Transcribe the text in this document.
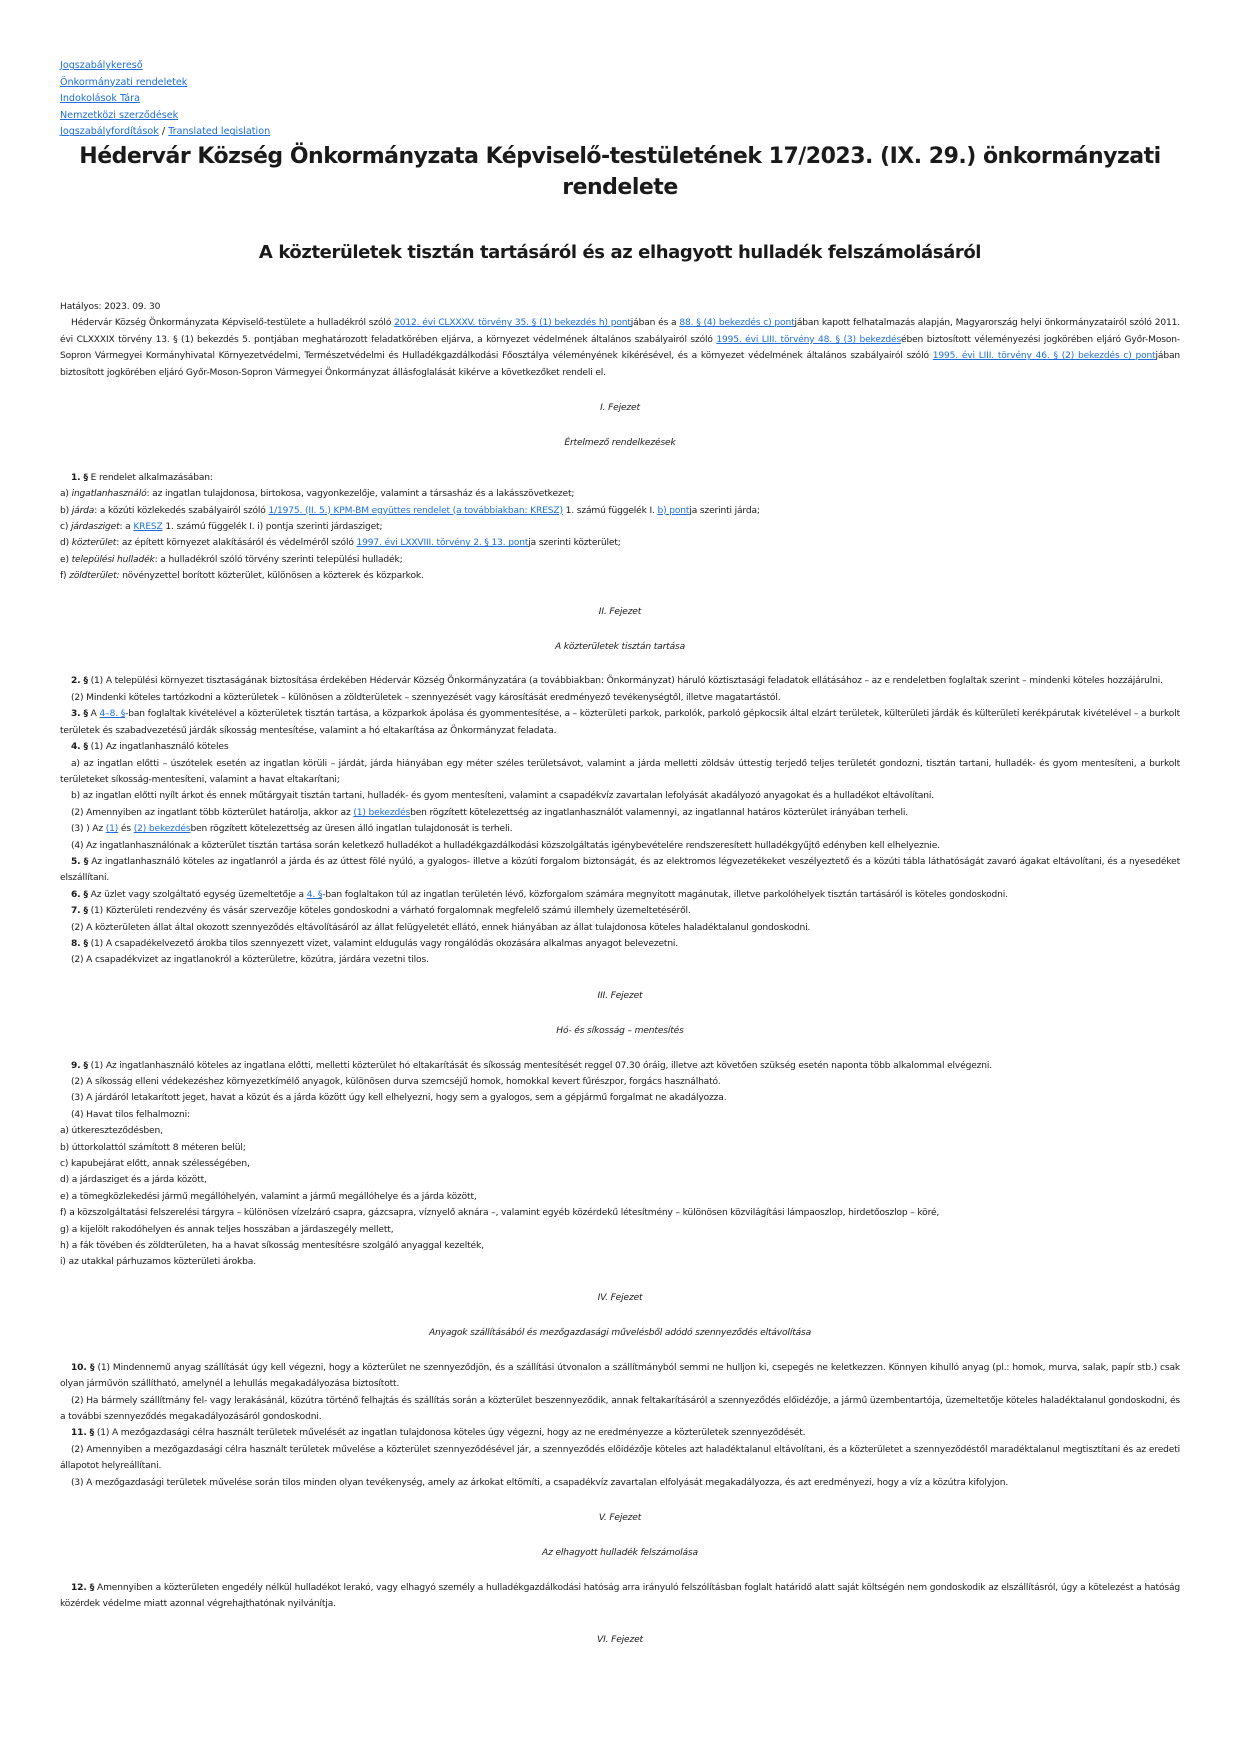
Jogszabálykereső
Önkormányzati rendeletek
Indokolások Tára
Nemzetközi szerződések
Jogszabályfordítások / Translated legislation
Hédervár Község Önkormányzata Képviselő-testületének 17/2023. (IX. 29.) önkormányzati rendelete
A közterületek tisztán tartásáról és az elhagyott hulladék felszámolásáról

Hatályos: 2023. 09. 30

Hédervár Község Önkormányzata Képviselő-testülete a hulladékról szóló 2012. évi CLXXXV. törvény 35. § (1) bekezdés h) pontjában és a 88. § (4) bekezdés c) pontjában kapott felhatalmazás alapján, Magyarország helyi önkormányzatairól szóló 2011. évi CLXXXIX törvény 13. § (1) bekezdés 5. pontjában meghatározott feladatkörében eljárva, a környezet védelmének általános szabályairól szóló 1995. évi LIII. törvény 48. § (3) bekezdésében biztosított véleményezési jogkörében eljáró Győr-Moson-Sopron Vármegyei Kormányhivatal Környezetvédelmi, Természetvédelmi és Hulladékgazdálkodási Főosztálya véleményének kikérésével, és a környezet védelmének általános szabályairól szóló 1995. évi LIII. törvény 46. § (2) bekezdés c) pontjában biztosított jogkörében eljáró Győr-Moson-Sopron Vármegyei Önkormányzat állásfoglalását kikérve a következőket rendeli el.

I. Fejezet

Értelmező rendelkezések

1. § E rendelet alkalmazásában:

a) ingatlanhasználó: az ingatlan tulajdonosa, birtokosa, vagyonkezelője, valamint a társasház és a lakásszövetkezet;

b) járda: a közúti közlekedés szabályairól szóló 1/1975. (II. 5.) KPM-BM együttes rendelet (a továbbiakban: KRESZ) 1. számú függelék I. b) pontja szerinti járda;

c) járdasziget: a KRESZ 1. számú függelék I. i) pontja szerinti járdasziget;

d) közterület: az épített környezet alakításáról és védelméről szóló 1997. évi LXXVIII. törvény 2. § 13. pontja szerinti közterület;

e) települési hulladék: a hulladékról szóló törvény szerinti települési hulladék;

f) zöldterület: növényzettel borított közterület, különösen a közterek és közparkok.

II. Fejezet

A közterületek tisztán tartása

2. § (1) A települési környezet tisztaságának biztosítása érdekében Hédervár Község Önkormányzatára (a továbbiakban: Önkormányzat) háruló köztisztasági feladatok ellátásához – az e rendeletben foglaltak szerint – mindenki köteles hozzájárulni.

(2) Mindenki köteles tartózkodni a közterületek – különösen a zöldterületek – szennyezését vagy károsítását eredményező tevékenységtől, illetve magatartástól.

3. § A 4–8. §-ban foglaltak kivételével a közterületek tisztán tartása, a közparkok ápolása és gyommentesítése, a – közterületi parkok, parkolók, parkoló gépkocsik által elzárt területek, külterületi járdák és külterületi kerékpárutak kivételével – a burkolt területek és szabadvezetésű járdák síkosság mentesítése, valamint a hó eltakarítása az Önkormányzat feladata.

4. § (1) Az ingatlanhasználó köteles

a) az ingatlan előtti – úszótelek esetén az ingatlan körüli – járdát, járda hiányában egy méter széles területsávot, valamint a járda melletti zöldsáv úttestig terjedő teljes területét gondozni, tisztán tartani, hulladék- és gyom mentesíteni, a burkolt területeket síkosság-mentesíteni, valamint a havat eltakarítani;

b) az ingatlan előtti nyílt árkot és ennek műtárgyait tisztán tartani, hulladék- és gyom mentesíteni, valamint a csapadékvíz zavartalan lefolyását akadályozó anyagokat és a hulladékot eltávolítani.

(2) Amennyiben az ingatlant több közterület határolja, akkor az (1) bekezdésben rögzített kötelezettség az ingatlanhasználót valamennyi, az ingatlannal határos közterület irányában terheli.

(3) ) Az (1) és (2) bekezdésben rögzített kötelezettség az üresen álló ingatlan tulajdonosát is terheli.

(4) Az ingatlanhasználónak a közterület tisztán tartása során keletkező hulladékot a hulladékgazdálkodási közszolgáltatás igénybevételére rendszeresített hulladékgyűjtő edényben kell elhelyeznie.

5. § Az ingatlanhasználó köteles az ingatlanról a járda és az úttest fölé nyúló, a gyalogos- illetve a közúti forgalom biztonságát, és az elektromos légvezetékeket veszélyeztető és a közúti tábla láthatóságát zavaró ágakat eltávolítani, és a nyesedéket elszállítani.

6. § Az üzlet vagy szolgáltató egység üzemeltetője a 4. §-ban foglaltakon túl az ingatlan területén lévő, közforgalom számára megnyitott magánutak, illetve parkolóhelyek tisztán tartásáról is köteles gondoskodni.

7. § (1) Közterületi rendezvény és vásár szervezője köteles gondoskodni a várható forgalomnak megfelelő számú illemhely üzemeltetéséről.

(2) A közterületen állat által okozott szennyeződés eltávolításáról az állat felügyeletét ellátó, ennek hiányában az állat tulajdonosa köteles haladéktalanul gondoskodni.

8. § (1) A csapadékelvezető árokba tilos szennyezett vizet, valamint eldugulás vagy rongálódás okozására alkalmas anyagot belevezetni.

(2) A csapadékvizet az ingatlanokról a közterületre, közútra, járdára vezetni tilos.

III. Fejezet

Hó- és síkosság – mentesítés

9. § (1) Az ingatlanhasználó köteles az ingatlana előtti, melletti közterület hó eltakarítását és síkosság mentesítését reggel 07.30 óráig, illetve azt követően szükség esetén naponta több alkalommal elvégezni.

(2) A síkosság elleni védekezéshez környezetkímélő anyagok, különösen durva szemcséjű homok, homokkal kevert fűrészpor, forgács használható.

(3) A járdáról letakarított jeget, havat a közút és a járda között úgy kell elhelyezni, hogy sem a gyalogos, sem a gépjármű forgalmat ne akadályozza.

(4) Havat tilos felhalmozni:

a) útkereszteződésben,

b) úttorkolattól számított 8 méteren belül;

c) kapubejárat előtt, annak szélességében,

d) a járdasziget és a járda között,

e) a tömegközlekedési jármű megállóhelyén, valamint a jármű megállóhelye és a járda között,

f) a közszolgáltatási felszerelési tárgyra – különösen vízelzáró csapra, gázcsapra, víznyelő aknára –, valamint egyéb közérdekű létesítmény – különösen közvilágítási lámpaoszlop, hirdetőoszlop – köré,

g) a kijelölt rakodóhelyen és annak teljes hosszában a járdaszegély mellett,

h) a fák tövében és zöldterületen, ha a havat síkosság mentesítésre szolgáló anyaggal kezelték,

i) az utakkal párhuzamos közterületi árokba.

IV. Fejezet

Anyagok szállításából és mezőgazdasági művelésből adódó szennyeződés eltávolítása

10. § (1) Mindennemű anyag szállítását úgy kell végezni, hogy a közterület ne szennyeződjön, és a szállítási útvonalon a szállítmányból semmi ne hulljon ki, csepegés ne keletkezzen. Könnyen kihulló anyag (pl.: homok, murva, salak, papír stb.) csak olyan járművön szállítható, amelynél a lehullás megakadályozása biztosított.

(2) Ha bármely szállítmány fel- vagy lerakásánál, közútra történő felhajtás és szállítás során a közterület beszennyeződik, annak feltakarításáról a szennyeződés előidézője, a jármű üzembentartója, üzemeltetője köteles haladéktalanul gondoskodni, és a további szennyeződés megakadályozásáról gondoskodni.

11. § (1) A mezőgazdasági célra használt területek művelését az ingatlan tulajdonosa köteles úgy végezni, hogy az ne eredményezze a közterületek szennyeződését.

(2) Amennyiben a mezőgazdasági célra használt területek művelése a közterület szennyeződésével jár, a szennyeződés előidézője köteles azt haladéktalanul eltávolítani, és a közterületet a szennyeződéstől maradéktalanul megtisztítani és az eredeti állapotot helyreállítani.

(3) A mezőgazdasági területek művelése során tilos minden olyan tevékenység, amely az árkokat eltömíti, a csapadékvíz zavartalan elfolyását megakadályozza, és azt eredményezi, hogy a víz a közútra kifolyjon.

V. Fejezet

Az elhagyott hulladék felszámolása

12. § Amennyiben a közterületen engedély nélkül hulladékot lerakó, vagy elhagyó személy a hulladékgazdálkodási hatóság arra irányuló felszólításban foglalt határidő alatt saját költségén nem gondoskodik az elszállításról, úgy a kötelezést a hatóság közérdek védelme miatt azonnal végrehajthatónak nyilvánítja.

VI. Fejezet
